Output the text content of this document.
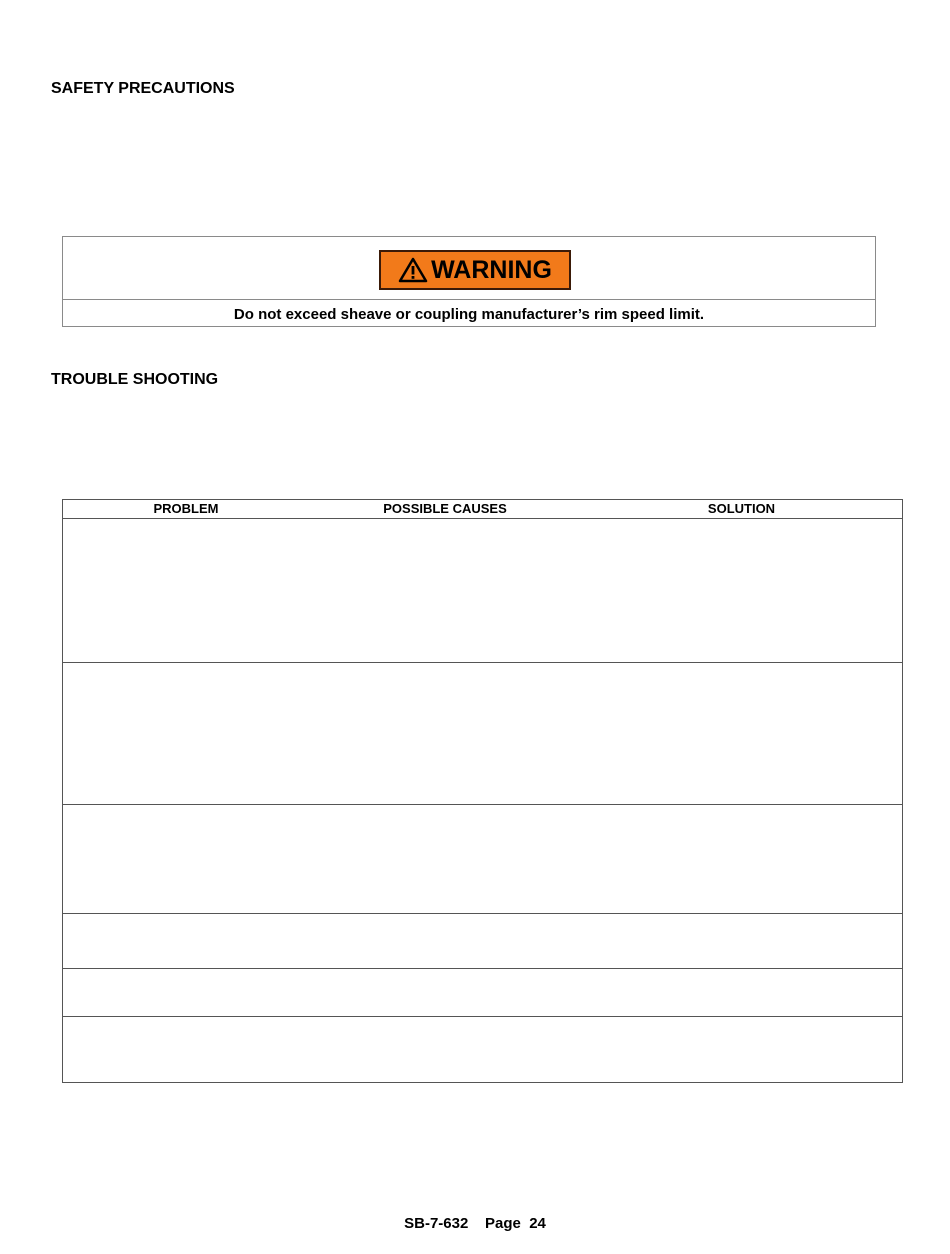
SAFETY PRECAUTIONS
WARNING
Do not exceed sheave or coupling manufacturer’s rim speed limit.
TROUBLE SHOOTING
PROBLEM	POSSIBLE CAUSES	SOLUTION
SB-7-632 Page 24
